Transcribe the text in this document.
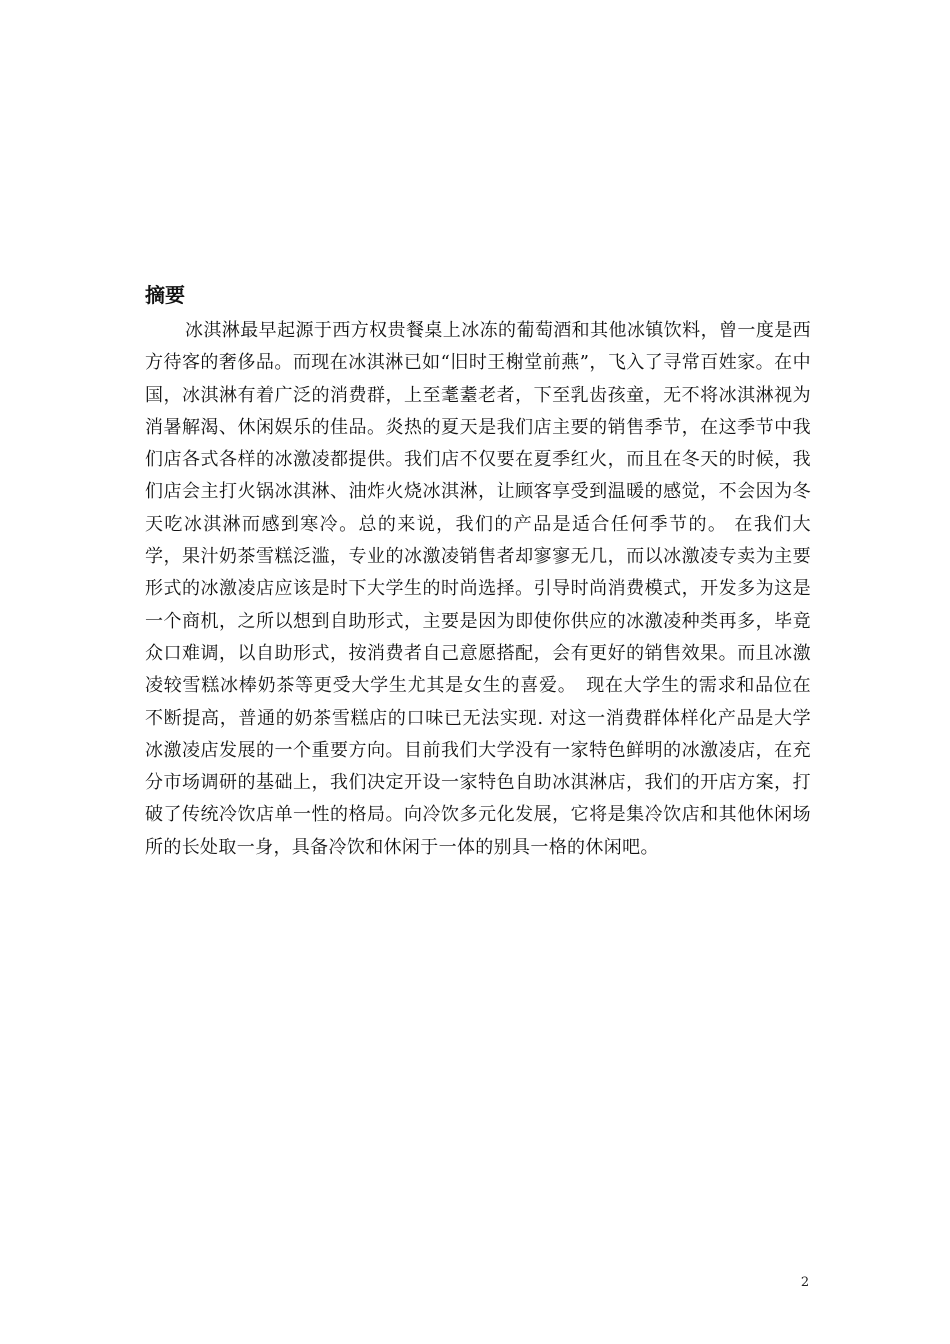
摘要

冰淇淋最早起源于西方权贵餐桌上冰冻的葡萄酒和其他冰镇饮料，曾一度是西方待客的奢侈品。而现在冰淇淋已如“旧时王榭堂前燕”，飞入了寻常百姓家。在中国，冰淇淋有着广泛的消费群，上至耄耋老者，下至乳齿孩童，无不将冰淇淋视为消暑解渴、休闲娱乐的佳品。炎热的夏天是我们店主要的销售季节，在这季节中我们店各式各样的冰激凌都提供。我们店不仅要在夏季红火，而且在冬天的时候，我们店会主打火锅冰淇淋、油炸火烧冰淇淋，让顾客享受到温暖的感觉，不会因为冬天吃冰淇淋而感到寒冷。总的来说，我们的产品是适合任何季节的。 在我们大学，果汁奶茶雪糕泛滥，专业的冰激凌销售者却寥寥无几，而以冰激凌专卖为主要形式的冰激凌店应该是时下大学生的时尚选择。引导时尚消费模式，开发多为这是一个商机，之所以想到自助形式，主要是因为即使你供应的冰激凌种类再多，毕竟众口难调，以自助形式，按消费者自己意愿搭配，会有更好的销售效果。而且冰激凌较雪糕冰棒奶茶等更受大学生尤其是女生的喜爱。　现在大学生的需求和品位在不断提高，普通的奶茶雪糕店的口味已无法实现. 对这一消费群体样化产品是大学冰激凌店发展的一个重要方向。目前我们大学没有一家特色鲜明的冰激凌店，在充分市场调研的基础上，我们决定开设一家特色自助冰淇淋店，我们的开店方案，打破了传统冷饮店单一性的格局。向冷饮多元化发展，它将是集冷饮店和其他休闲场所的长处取一身，具备冷饮和休闲于一体的别具一格的休闲吧。

2
